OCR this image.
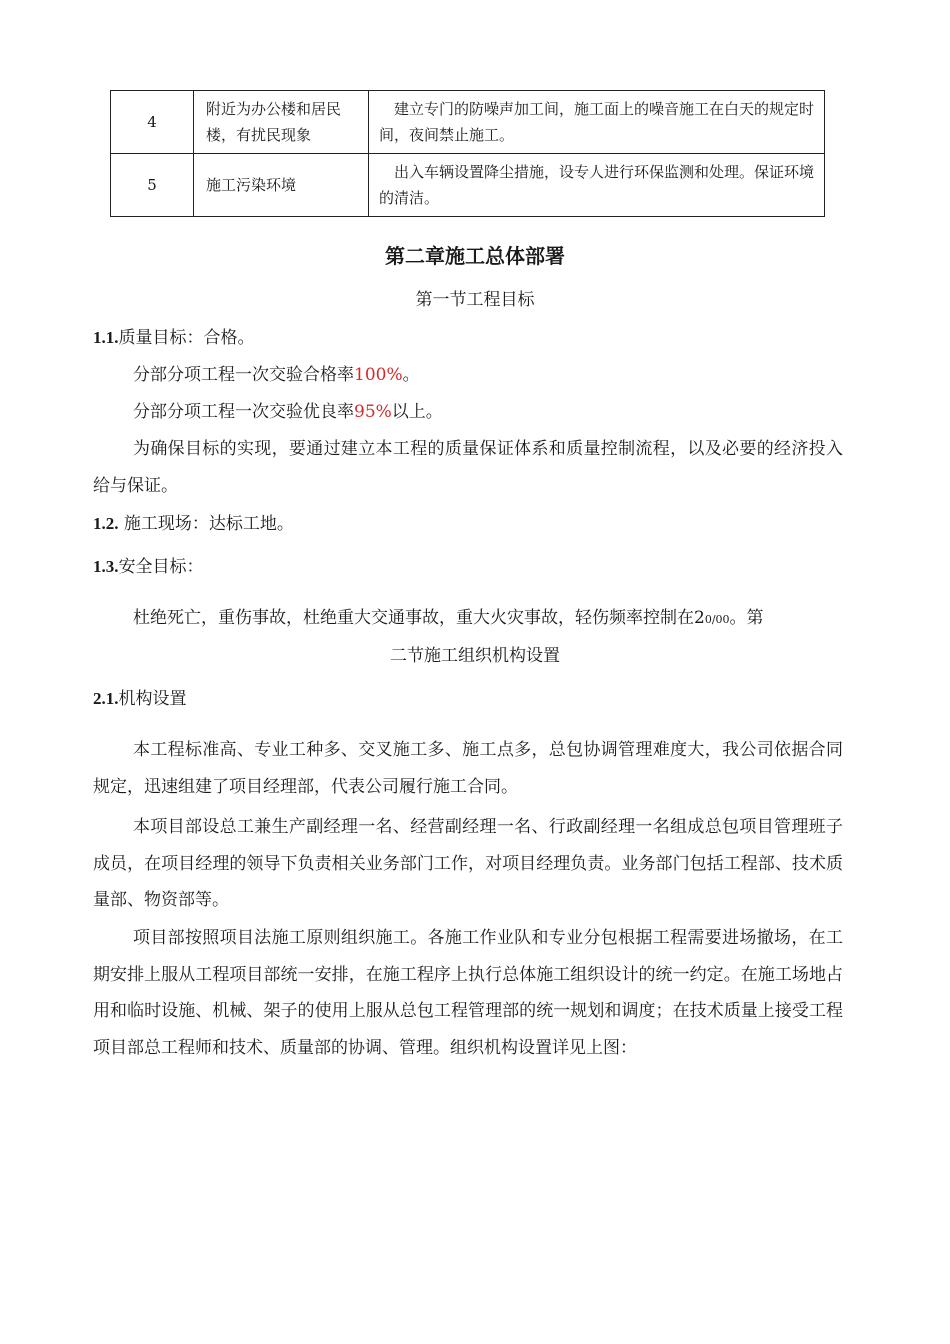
4	附近为办公楼和居民楼，有扰民现象	建立专门的防噪声加工间，施工面上的噪音施工在白天的规定时间，夜间禁止施工。
5	施工污染环境	出入车辆设置降尘措施，设专人进行环保监测和处理。保证环境的清洁。
第二章施工总体部署
第一节工程目标
1.1.质量目标：合格。
分部分项工程一次交验合格率100%。
分部分项工程一次交验优良率95%以上。

为确保目标的实现，要通过建立本工程的质量保证体系和质量控制流程，以及必要的经济投入给与保证。

1.2. 施工现场：达标工地。
1.3.安全目标：
杜绝死亡，重伤事故，杜绝重大交通事故，重大火灾事故，轻伤频率控制在20/00。第
二节施工组织机构设置
2.1.机构设置

本工程标准高、专业工种多、交叉施工多、施工点多，总包协调管理难度大，我公司依据合同规定，迅速组建了项目经理部，代表公司履行施工合同。

本项目部设总工兼生产副经理一名、经营副经理一名、行政副经理一名组成总包项目管理班子成员，在项目经理的领导下负责相关业务部门工作，对项目经理负责。业务部门包括工程部、技术质量部、物资部等。

项目部按照项目法施工原则组织施工。各施工作业队和专业分包根据工程需要进场撤场，在工期安排上服从工程项目部统一安排，在施工程序上执行总体施工组织设计的统一约定。在施工场地占用和临时设施、机械、架子的使用上服从总包工程管理部的统一规划和调度；在技术质量上接受工程项目部总工程师和技术、质量部的协调、管理。组织机构设置详见上图：
